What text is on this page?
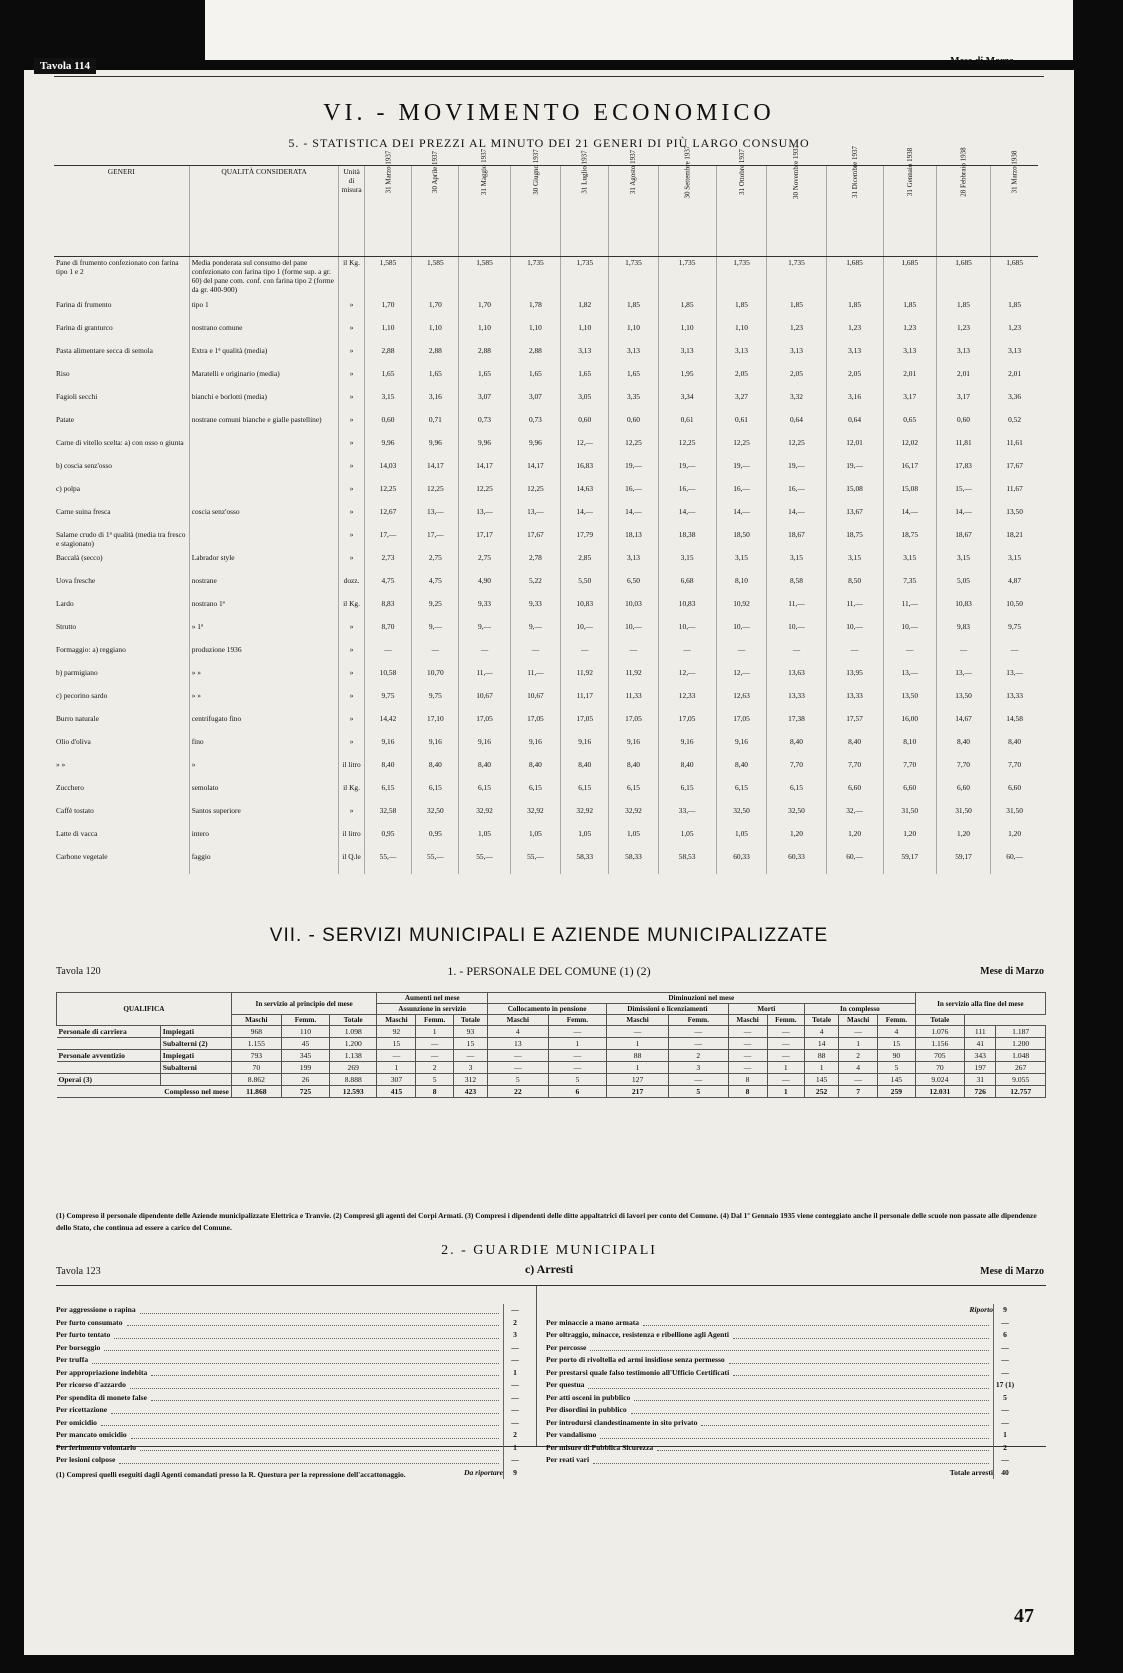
Tavola 114	Mese di Marzo
VI. - MOVIMENTO ECONOMICO
5. - STATISTICA DEI PREZZI AL MINUTO DEI 21 GENERI DI PIÙ LARGO CONSUMO
GENERI	QUALITÀ CONSIDERATA	Unità di misura	31 Marzo 1937	30 Aprile 1937	31 Maggio 1937	30 Giugno 1937	31 Luglio 1937	31 Agosto 1937	30 Settembre 1937	31 Ottobre 1937	30 Novembre 1937	31 Dicembre 1937	31 Gennaio 1938	28 Febbraio 1938	31 Marzo 1938
Pane di frumento confezionato con farina tipo 1 e 2	Media ponderata sul consumo del pane confezionato con farina tipo 1 (forme sup. a gr. 60) del pane com. conf. con farina tipo 2 (forme da gr. 400-900)	il Kg.	1,585	1,585	1,585	1,735	1,735	1,735	1,735	1,735	1,735	1,685	1,685	1,685	1,685
Farina di frumento	tipo 1	»	1,70	1,70	1,70	1,78	1,82	1,85	1,85	1,85	1,85	1,85	1,85	1,85	1,85
Farina di granturco	nostrano comune	»	1,10	1,10	1,10	1,10	1,10	1,10	1,10	1,10	1,23	1,23	1,23	1,23	1,23
Pasta alimentare secca di semola	Extra e 1ª qualità (media)	»	2,88	2,88	2,88	2,88	3,13	3,13	3,13	3,13	3,13	3,13	3,13	3,13	3,13
Riso	Maratelli e originario (media)	»	1,65	1,65	1,65	1,65	1,65	1,65	1,95	2,05	2,05	2,05	2,01	2,01	2,01
Fagioli secchi	bianchi e borlotti (media)	»	3,15	3,16	3,07	3,07	3,05	3,35	3,34	3,27	3,32	3,16	3,17	3,17	3,36
Patate	nostrane comuni bianche e gialle pastelline)	»	0,60	0,71	0,73	0,73	0,60	0,60	0,61	0,61	0,64	0,64	0,65	0,60	0,52
Carne di vitello scelta: a) con osso o giunta		»	9,96	9,96	9,96	9,96	12,—	12,25	12,25	12,25	12,25	12,01	12,02	11,81	11,61
b) coscia senz'osso		»	14,03	14,17	14,17	14,17	16,83	19,—	19,—	19,—	19,—	19,—	16,17	17,83	17,67
c) polpa		»	12,25	12,25	12,25	12,25	14,63	16,—	16,—	16,—	16,—	15,08	15,08	15,—	11,67
Carne suina fresca	coscia senz'osso	»	12,67	13,—	13,—	13,—	14,—	14,—	14,—	14,—	14,—	13,67	14,—	14,—	13,50
Salame crudo di 1ª qualità (media tra fresco e stagionato)		»	17,—	17,—	17,17	17,67	17,79	18,13	18,38	18,50	18,67	18,75	18,75	18,67	18,21
Baccalà (secco)	Labrador style	»	2,73	2,75	2,75	2,78	2,85	3,13	3,15	3,15	3,15	3,15	3,15	3,15	3,15
Uova fresche	nostrane	dozz.	4,75	4,75	4,90	5,22	5,50	6,50	6,68	8,10	8,58	8,50	7,35	5,05	4,87
Lardo	nostrano 1ª	il Kg.	8,83	9,25	9,33	9,33	10,83	10,03	10,83	10,92	11,—	11,—	11,—	10,83	10,50
Strutto	» 1ª	»	8,70	9,—	9,—	9,—	10,—	10,—	10,—	10,—	10,—	10,—	10,—	9,83	9,75
Formaggio: a) reggiano	produzione 1936	»	—	—	—	—	—	—	—	—	—	—	—	—	—
b) parmigiano	» »	»	10,58	10,70	11,—	11,—	11,92	11,92	12,—	12,—	13,63	13,95	13,—	13,—	13,—
c) pecorino sardo	» »	»	9,75	9,75	10,67	10,67	11,17	11,33	12,33	12,63	13,33	13,33	13,50	13,50	13,33
Burro naturale	centrifugato fino	»	14,42	17,10	17,05	17,05	17,05	17,05	17,05	17,05	17,38	17,57	16,00	14,67	14,58
Olio d'oliva	fino	»	9,16	9,16	9,16	9,16	9,16	9,16	9,16	9,16	8,40	8,40	8,10	8,40	8,40
» »	»	il litro	8,40	8,40	8,40	8,40	8,40	8,40	8,40	8,40	7,70	7,70	7,70	7,70	7,70
Zucchero	semolato	il Kg.	6,15	6,15	6,15	6,15	6,15	6,15	6,15	6,15	6,15	6,60	6,60	6,60	6,60
Caffè tostato	Santos superiore	»	32,58	32,50	32,92	32,92	32,92	32,92	33,—	32,50	32,50	32,—	31,50	31,50	31,50
Latte di vacca	intero	il litro	0,95	0,95	1,05	1,05	1,05	1,05	1,05	1,05	1,20	1,20	1,20	1,20	1,20
Carbone vegetale	faggio	il Q.le	55,—	55,—	55,—	55,—	58,33	58,33	58,53	60,33	60,33	60,—	59,17	59,17	60,—
VII. - SERVIZI MUNICIPALI E AZIENDE MUNICIPALIZZATE
Tavola 120	1. - PERSONALE DEL COMUNE (1) (2)	Mese di Marzo
QUALIFICA		In servizio al principio del mese			Aumenti nel mese			Diminuzioni nel mese									In servizio alla fine del mese		
					Assunzione in servizio			Collocamento in pensione		Dimissioni o licenziamenti		Morti		In complesso					
		Maschi	Femm.	Totale	Maschi	Femm.	Totale	Maschi	Femm.	Maschi	Femm.	Maschi	Femm.	Totale	Maschi	Femm.	Totale		
Personale di carriera	Impiegati	968	110	1.098	92	1	93	4	—	—	—	—	—	4	—	4	1.076	111	1.187
	Subalterni (2)	1.155	45	1.200	15	—	15	13	1	1	—	—	—	14	1	15	1.156	41	1.200
Personale avventizio	Impiegati	793	345	1.138	—	—	—	—	—	88	2	—	—	88	2	90	705	343	1.048
	Subalterni	70	199	269	1	2	3	—	—	1	3	—	1	1	4	5	70	197	267
Operai (3)		8.862	26	8.888	307	5	312	5	5	127	—	8	—	145	—	145	9.024	31	9.055
Complesso nel mese		11.868	725	12.593	415	8	423	22	6	217	5	8	1	252	7	259	12.031	726	12.757
(1) Compreso il personale dipendente delle Aziende municipalizzate Elettrica e Tranvie. (2) Compresi gli agenti dei Corpi Armati. (3) Compresi i dipendenti delle ditte appaltatrici di lavori per conto del Comune. (4) Dal 1º Gennaio 1935 viene conteggiato anche il personale delle scuole non passate alle dipendenze dello Stato, che continua ad essere a carico del Comune.
2. - GUARDIE MUNICIPALI
Tavola 123	c) Arresti	Mese di Marzo
Per aggressione o rapina	—
Per furto consumato	2
Per furto tentato	3
Per borseggio	—
Per truffa	—
Per appropriazione indebita	1
Per ricorso d'azzardo	—
Per spendita di monete false	—
Per ricettazione	—
Per omicidio	—
Per mancato omicidio	2
Per ferimento volontario	1
Per lesioni colpose	—
Da riportare	9
Riporto	9
Per minaccie a mano armata	—
Per oltraggio, minacce, resistenza e ribellione agli Agenti	6
Per percosse	—
Per porto di rivoltella ed armi insidiose senza permesso	—
Per prestarsi quale falso testimonio all'Ufficio Certificati	—
Per questua	17 (1)
Per atti osceni in pubblico	5
Per disordini in pubblico	—
Per introdursi clandestinamente in sito privato	—
Per vandalismo	1
Per misure di Pubblica Sicurezza	2
Per reati vari	—
Totale arresti	40
(1) Compresi quelli eseguiti dagli Agenti comandati presso la R. Questura per la repressione dell'accattonaggio.
47
